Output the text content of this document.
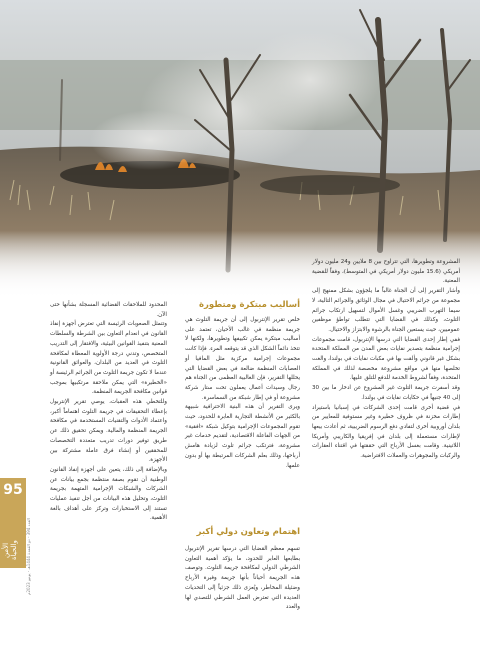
95
الأمن والحياة
العدد 394 - ذو القعدة 1444هـ - يونيو 2023م

المشروعة وتطويرها، التي تتراوح بين 8 ملايين و24 مليون دولار أمريكي (15.6 مليون دولار أمريكي في المتوسط)، وفقاً للقضية المعنية.

وأشار التقرير إلى أن الجناة غالباً ما يلجؤون بشكل ممنهج إلى مجموعة من جرائم الاحتيال في مجال الوثائق والجرائم التالية، لا سيما التهرب الضريبي وغسل الأموال لتسهيل ارتكاب جرائم التلوث، وكذلك في القضايا التي تتطلب تواطؤ موظفين عموميين، حيث يستعين الجناة بالرشوة والابتزاز والاحتيال.

ففي إطار إحدى القضايا التي درسها الإنتربول، قامت مجموعات إجرامية منظمة بتصدير نفايات بعض المدن من المملكة المتحدة بشكل غير قانوني وألقت بها في مكبات نفايات في بولندا، والغت تخلصها منها في مواقع مشروعة مخصصة لذلك في المملكة المتحدة، وفقاً لشروط الخدمة للدفع للتلق عليها.

وقد أسفرت جريمة التلوث غير المشروع عن ادخار ما بين 30 إلى 40 جنيهاً في حكايات نفايات في بولندا.

في قضية أخرى قامت إحدى الشركات في إسبانيا باستيراد إطارات مخزنة في ظروف خطيرة وغير مستوفية للمعايير من بلدان أوروبية أخرى لتفادي دفع الرسوم الضريبية، ثم أعادت بيعها لإطارات مستعملة إلى بلدان في إفريقيا والكاريبي وأمريكا اللاتينية. وقامت بغسل الأرباح التي حققتها في اقتناء العقارات والركبات والمجوهرات والعملات الافتراضية.

أساليب مبتكرة ومتطورة

خلص تقرير الإنتربول إلى أن جريمة التلوث هي جريمة منظمة في غالب الأحيان، تعتمد على أساليب مبتكرة يمكن تكييفها وتطويرها، ولكنها لا تتخذ دائماً الشكل الذي قد يتوقعه المرء. فإذا كانت مجموعات إجرامية مركزية مثل المافيا أو العصابات المنظمة ضالعة في بعض القضايا التي يحللها التقرير، فإن الغالبية العظمى من الجناة هم رجال وسيدات أعمال يعملون تحت ستار شركة مشروعة أو في إطار شبكة من السماسرة.

ويرى التقرير أن هذه البنية الاحترافية شبيهة بالكثير من الأنشطة التجارية العابرة للحدود، حيث تقوم المجموعات الإجرامية بتوكيل شبكة «افقية» من الجهات الفاعلة الاقتصادية، لتقديم خدمات غير مشروعة، فترتكب جرائم تلوث لزيادة هامش أرباحها، وذلك بعلم الشركات المرتبطة بها أو بدون علمها.

اهتمام وتعاون دولي أكبر

تسهم معظم القضايا التي درسها تقرير الإنتربول بطابعها العابر للحدود، ما يؤكد أهمية التعاون الشرطي الدولي لمكافحة جريمة التلوث. وتوصف هذه الجريمة أحياناً بأنها جريمة وفيرة الأرباح وضئيلة المخاطر، ويُعزى ذلك جزئياً إلى التحديات العديدة التي تعترض العمل الشرطي للتصدي لها والعدد

المحدود للملاحقات القضائية المسجلة بشأنها حتى الآن.

وتتمثل الصعوبات الرئيسة التي تعترض أجهزة إنفاذ القانون في انعدام التعاون بين الشرطة والسلطات المعنية بتنفيذ القوانين البيئية، والافتقار إلى التدريب المتخصص، وتدني درجة الأولوية المعطاة لمكافحة التلوث في العديد من البلدان، والعوائق القانونية عندما لا تكون جريمة التلوث من الجرائم الرئيسة أو «الخطيرة» التي يمكن ملاحقة مرتكبيها بموجب قوانين مكافحة الجريمة المنظمة.

وللتخطي هذه العقبات، يوصي تقرير الإنتربول بإعطاء التحقيقات في جريمة التلوث اهتماماً أكبر، واعتماد الأدوات والتقنيات المستخدمة في مكافحة الجريمة المنظمة والمالية. ويمكن تحقيق ذلك عن طريق توفير دورات تدريب متعددة التخصصات للمحققين أو إنشاء فرق عاملة مشتركة بين الأجهزة.

وبالإضافة إلى ذلك، يتعين على أجهزة إنفاذ القانون الوطنية أن تقوم بصفة منتظمة بجمع بيانات عن الشركات والشبكات الإجرامية المتهمة بجريمة التلوث، وتحليل هذه البيانات من أجل تنفيذ عمليات تستند إلى الاستخبارات وتركز على أهداف بالغة الأهمية.
